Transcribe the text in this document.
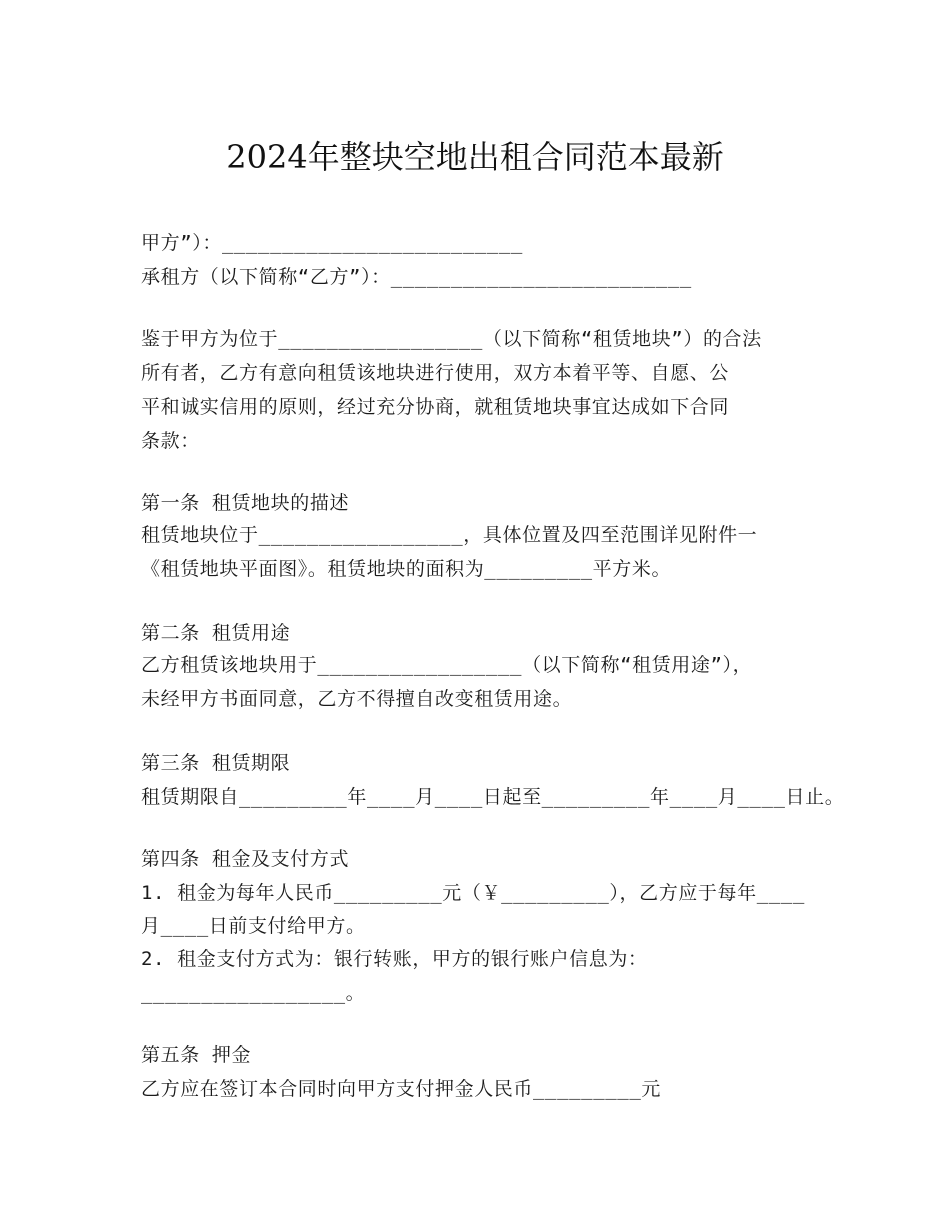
2024年整块空地出租合同范本最新
甲方”）：_________________________
承租方（以下简称“乙方”）：_________________________
鉴于甲方为位于_________________（以下简称“租赁地块”）的合法
所有者，乙方有意向租赁该地块进行使用，双方本着平等、自愿、公
平和诚实信用的原则，经过充分协商，就租赁地块事宜达成如下合同
条款：
第一条 租赁地块的描述
租赁地块位于_________________，具体位置及四至范围详见附件一
《租赁地块平面图》。租赁地块的面积为_________平方米。
第二条 租赁用途
乙方租赁该地块用于_________________（以下简称“租赁用途”），
未经甲方书面同意，乙方不得擅自改变租赁用途。
第三条 租赁期限
租赁期限自_________年____月____日起至_________年____月____日止。
第四条 租金及支付方式
1. 租金为每年人民币_________元（￥_________），乙方应于每年____
月____日前支付给甲方。
2. 租金支付方式为：银行转账，甲方的银行账户信息为：
_________________。
第五条 押金
乙方应在签订本合同时向甲方支付押金人民币_________元
